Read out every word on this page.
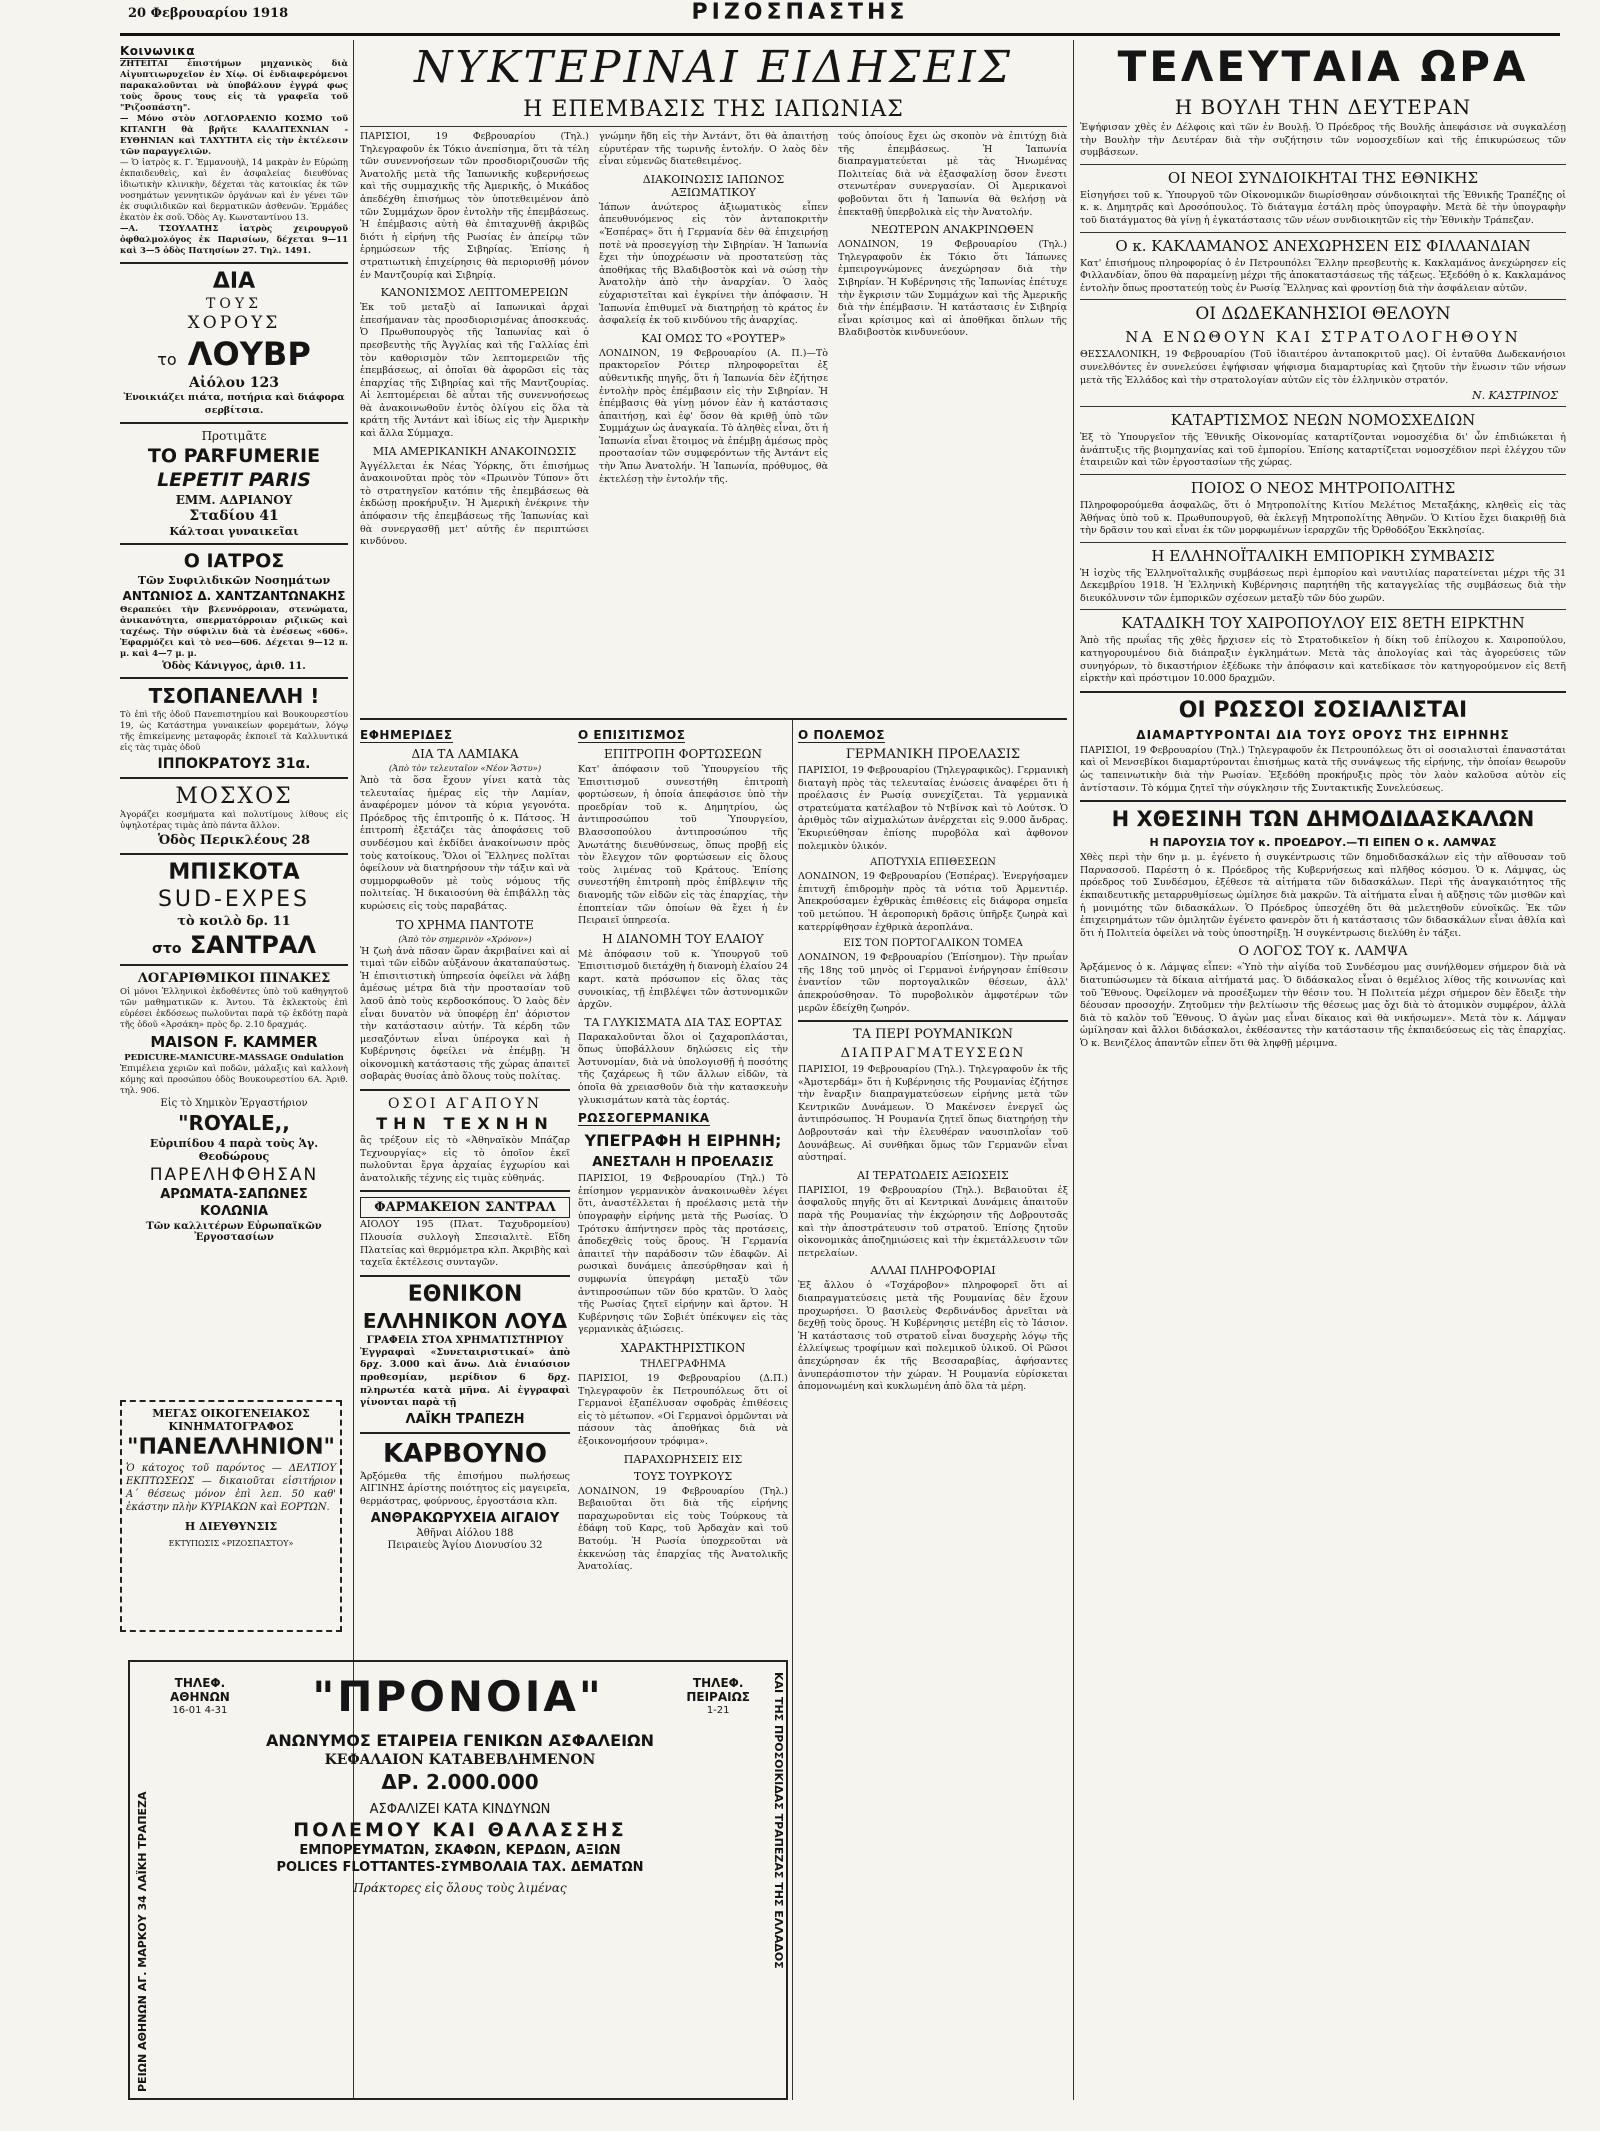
20 Φεβρουαρίου 1918	ΡΙΖΟΣΠΑΣΤΗΣ
Κοινωνικα

ΖΗΤΕΙΤΑΙ ἐπιστήμων μηχανικὸς διὰ Αἰγυπτιωρυχεῖον ἐν Χίῳ. Οἱ ἐνδιαφερόμενοι παρακαλοῦνται νὰ ὑποβάλουν ἐγγρά φως τοὺς ὅρους τους εἰς τὰ γραφεῖα τοῦ "Ριζοσπάστη".

— Μόνο στὸν ΛΟΓΛΟΡΑΕΝΙΟ ΚΟΣΜΟ τοῦ ΚΙΤΑΝΓΗ θὰ βρῆτε ΚΑΛΑΙΤΕΧΝΙΑΝ - ΕΥΘΗΝΙΑΝ καὶ ΤΑΧΥΤΗΤΑ εἰς τὴν ἐκτέλεσιν τῶν παραγγελιῶν.

— Ὁ ἰατρὸς κ. Γ. Ἐμμανουὴλ, 14 μακρὰν ἐν Εὐρώπῃ ἐκπαιδευθεὶς, καὶ ἐν ἀσφαλείας διευθύνας ἰδιωτικὴν κλινικὴν, δέχεται τὰς κατοικίας ἐκ τῶν νοσημάτων γεννητικῶν ὀργάνων καὶ ἐν γένει τῶν ἐκ συφιλιδικῶν καὶ δερματικῶν ἀσθενῶν. Ἐρμάδες ἑκατὸν ἐκ σοῦ. Ὁδὸς Αγ. Κωνσταντίνου 13.

—Α. ΤΣΟΥΛΑΤΗΣ ἰατρὸς χειρουργοῦ ὀφθαλμολόγος ἐκ Παρισίων, δέχεται 9—11 καὶ 3—5 ὁδὸς Πατησίων 27. Τηλ. 1491.

ΔΙΑ
ΤΟΥΣ
ΧΟΡΟΥΣ
το ΛΟΥΒΡ
Αἰόλου 123

Ἐνοικιάζει πιάτα, ποτήρια καὶ διάφορα σερβίτσια.

Προτιμᾶτε
ΤΟ PARFUMERIE
LEPETIT PARIS
ΕΜΜ. ΑΔΡΙΑΝΟΥ
Σταδίου 41
Κάλτσαι γυναικεῖαι
Ο ΙΑΤΡΟΣ
Τῶν Συφιλιδικῶν Νοσημάτων
ΑΝΤΩΝΙΟΣ Δ. ΧΑΝΤΖΑΝΤΩΝΑΚΗΣ

Θεραπεύει τὴν βλεννόρροιαν, στενώματα, ἀνικανότητα, σπερματόρροιαν ριζικῶς καὶ ταχέως. Τὴν σύφιλιν διὰ τὰ ἐνέσεως «606». Ἐφαρμόζει καὶ τὸ νεο—606. Δέχεται 9—12 π. μ. καὶ 4—7 μ. μ.

Ὁδὸς Κάνιγγος, ἀριθ. 11.
ΤΣΟΠΑΝΕΛΛΗ !

Τὸ ἐπὶ τῆς ὁδοῦ Πανεπιστημίου καὶ Βουκουρεστίου 19, ὡς Κατάστημα γυναικείων φορεμάτων, λόγῳ τῆς ἐπικείμενης μεταφορᾶς ἐκποιεῖ τὰ Καλλυντικά εἰς τὰς τιμὰς ὁδοῦ

ΙΠΠΟΚΡΑΤΟΥΣ 31α.
ΜΟΣΧΟΣ

Ἀγοράζει κοσμήματα καὶ πολυτίμους λίθους εἰς ὑψηλοτέρας τιμὰς ἀπὸ πάντα ἄλλον.

Ὁδὸς Περικλέους 28
ΜΠΙΣΚΟΤΑ
SUD-EXPES
τὸ κοιλὸ δρ. 11
στο ΣΑΝΤΡΑΛ
ΛΟΓΑΡΙΘΜΙΚΟΙ ΠΙΝΑΚΕΣ

Οἱ μόνοι Ἑλληνικοὶ ἐκδοθέντες ὑπὸ τοῦ καθηγητοῦ τῶν μαθηματικῶν κ. Ἀντου. Τὰ ἐκλεκτοὺς ἐπὶ εὐρέσει ἐκδόσεως πωλοῦνται παρὰ τῷ ἐκδότῃ παρὰ τῆς ὁδοῦ «Ἀρσάκη» πρὸς δρ. 2.10 δραχμάς.

MAISON F. KAMMER
PEDICURE-MANICURE-MASSAGE Ondulation

Ἐπιμέλεια χεριῶν καὶ ποδῶν, μάλαξις καὶ καλλονὴ κόμης καὶ προσώπου ὁδὸς Βουκουρεστίου 6Α. Ἀριθ. τηλ. 906.

Εἰς τὸ Χημικὸν Ἐργαστήριον
"ROYALE,,
Εὐριπίδου 4 παρὰ τοὺς Ἁγ. Θεοδώρους
ΠΑΡΕΛΗΦΘΗΣΑΝ
ΑΡΩΜΑΤΑ-ΣΑΠΩΝΕΣ
ΚΟΛΩΝΙΑ
Τῶν καλλιτέρων Εὐρωπαϊκῶν Ἐργοστασίων
ΜΕΓΑΣ ΟΙΚΟΓΕΝΕΙΑΚΟΣ ΚΙΝΗΜΑΤΟΓΡΑΦΟΣ
"ΠΑΝΕΛΛΗΝΙΟΝ"

Ὁ κάτοχος τοῦ παρόντος — ΔΕΛΤΙΟΥ ΕΚΠΤΩΣΕΩΣ — δικαιοῦται εἰσιτήριον Α΄ θέσεως μόνον ἐπὶ λεπ. 50 καθ' ἑκάστην πλὴν ΚΥΡΙΑΚΩΝ καὶ ΕΟΡΤΩΝ.

Η ΔΙΕΥΘΥΝΣΙΣ
ΕΚΤΥΠΩΣΙΣ «ΡΙΖΟΣΠΑΣΤΟΥ»
ΝΥΚΤΕΡΙΝΑΙ ΕΙΔΗΣΕΙΣ
Η ΕΠΕΜΒΑΣΙΣ ΤΗΣ ΙΑΠΩΝΙΑΣ

ΠΑΡΙΣΙΟΙ, 19 Φεβρουαρίου (Τηλ.) Τηλεγραφοῦν ἐκ Τόκιο ἀνεπίσημα, ὅτι τὰ τέλη τῶν συνεννοήσεων τῶν προσδιοριζουσῶν τῆς Ἀνατολῆς μετὰ τῆς Ἰαπωνικῆς κυβερνήσεως καὶ τῆς συμμαχικῆς τῆς Ἀμερικῆς, ὁ Μικάδος ἀπεδέχθη ἐπισήμως τὸν ὑποτεθειμένον ἀπὸ τῶν Συμμάχων ὅρον ἐντολὴν τῆς ἐπεμβάσεως. Ἡ ἐπέμβασις αὐτὴ θὰ ἐπιταχυνθῇ ἀκριβῶς διότι ἡ εἰρήνη τῆς Ρωσίας ἐν ἀπείρῳ τῶν ἐρημώσεων τῆς Σιβηρίας. Ἐπίσης ἡ στρατιωτικὴ ἐπιχείρησις θὰ περιορισθῇ μόνον ἐν Μαντζουρίᾳ καὶ Σιβηρίᾳ.

ΚΑΝΟΝΙΣΜΟΣ ΛΕΠΤΟΜΕΡΕΙΩΝ

Ἐκ τοῦ μεταξὺ αἱ Ιαπωνικαὶ ἀρχαὶ ἐπεσήμαναν τὰς προσδιορισμένας ἀποσκευάς. Ὁ Πρωθυπουργὸς τῆς Ἰαπωνίας καὶ ὁ πρεσβευτὴς τῆς Ἀγγλίας καὶ τῆς Γαλλίας ἐπὶ τὸν καθορισμὸν τῶν λεπτομερειῶν τῆς ἐπεμβάσεως, αἱ ὁποῖαι θὰ ἀφορῶσι εἰς τὰς ἐπαρχίας τῆς Σιβηρίας καὶ τῆς Μαντζουρίας. Αἱ λεπτομέρειαι δὲ αὗται τῆς συνεννοήσεως θὰ ἀνακοινωθοῦν ἐντὸς ὀλίγου εἰς ὅλα τὰ κράτη τῆς Ἀντάντ καὶ ἰδίως εἰς τὴν Ἀμερικὴν καὶ ἄλλα Σύμμαχα.

ΜΙΑ ΑΜΕΡΙΚΑΝΙΚΗ ΑΝΑΚΟΙΝΩΣΙΣ

Ἀγγέλλεται ἐκ Νέας Ὑόρκης, ὅτι ἐπισήμως ἀνακοινοῦται πρὸς τὸν «Πρωινὸν Τύπον» ὅτι τὸ στρατηγεῖον κατόπιν τῆς ἐπεμβάσεως θὰ ἐκδώσῃ προκήρυξιν. Ἡ Ἀμερικὴ ἐνέκρινε τὴν ἀπόφασιν τῆς ἐπεμβάσεως τῆς Ἰαπωνίας καὶ θὰ συνεργασθῇ μετ' αὐτῆς ἐν περιπτώσει κινδύνου.

γνώμην ἤδη εἰς τὴν Ἀντάντ, ὅτι θὰ ἀπαιτήσῃ εὐρυτέραν τῆς τωρινῆς ἐντολήν. Ο λαὸς δὲν εἶναι εὐμενῶς διατεθειμένος.

ΔΙΑΚΟΙΝΩΣΙΣ ΙΑΠΩΝΟΣ ΑΞΙΩΜΑΤΙΚΟΥ

Ἰάπων ἀνώτερος ἀξιωματικὸς εἶπεν ἀπευθυνόμενος εἰς τὸν ἀνταποκριτὴν «Ἑσπέρας» ὅτι ἡ Γερμανία δὲν θὰ ἐπιχειρήσῃ ποτὲ νὰ προσεγγίσῃ τὴν Σιβηρίαν. Ἡ Ἰαπωνία ἔχει τὴν ὑποχρέωσιν νὰ προστατεύσῃ τὰς ἀποθήκας τῆς Βλαδιβοστὸκ καὶ νὰ σώσῃ τὴν Ἀνατολὴν ἀπὸ τὴν ἀναρχίαν. Ὁ λαὸς εὐχαριστεῖται καὶ ἐγκρίνει τὴν ἀπόφασιν. Ἡ Ἰαπωνία ἐπιθυμεῖ νὰ διατηρήσῃ τὸ κράτος ἐν ἀσφαλείᾳ ἐκ τοῦ κινδύνου τῆς ἀναρχίας.

ΚΑΙ ΟΜΩΣ ΤΟ «ΡΟΥΤΕΡ»

ΛΟΝΔΙΝΟΝ, 19 Φεβρουαρίου (Α. Π.)—Τὸ πρακτορεῖον Ρόιτερ πληροφορεῖται ἐξ αὐθεντικῆς πηγῆς, ὅτι ἡ Ἰαπωνία δὲν ἐζήτησε ἐντολὴν πρὸς ἐπέμβασιν εἰς τὴν Σιβηρίαν. Ἡ ἐπέμβασις θὰ γίνῃ μόνον ἐὰν ἡ κατάστασις ἀπαιτήσῃ, καὶ ἐφ' ὅσον θὰ κριθῇ ὑπὸ τῶν Συμμάχων ὡς ἀναγκαία. Τὸ ἀληθὲς εἶναι, ὅτι ἡ Ἰαπωνία εἶναι ἕτοιμος νὰ ἐπέμβῃ ἀμέσως πρὸς προστασίαν τῶν συμφερόντων τῆς Ἀντάντ εἰς τὴν Ἄπω Ἀνατολήν. Ἡ Ἰαπωνία, πρόθυμος, θὰ ἐκτελέσῃ τὴν ἐντολήν τῆς.

τούς ὁποίους ἔχει ὡς σκοπὸν νὰ ἐπιτύχῃ διὰ τῆς ἐπεμβάσεως. Ἡ Ἰαπωνία διαπραγματεύεται μὲ τὰς Ἠνωμένας Πολιτείας διὰ νὰ ἐξασφαλίσῃ ὅσον ἔνεστι στενωτέραν συνεργασίαν. Οἱ Ἀμερικανοὶ φοβοῦνται ὅτι ἡ Ἰαπωνία θὰ θελήσῃ νὰ ἐπεκταθῇ ὑπερβολικὰ εἰς τὴν Ἀνατολήν.

ΝΕΩΤΕΡΩΝ ΑΝΑΚΡΙΝΩΘΕΝ

ΛΟΝΔΙΝΟΝ, 19 Φεβρουαρίου (Τηλ.) Τηλεγραφοῦν ἐκ Τόκιο ὅτι Ἰάπωνες ἐμπειρογνώμονες ἀνεχώρησαν διὰ τὴν Σιβηρίαν. Ἡ Κυβέρνησις τῆς Ἰαπωνίας ἐπέτυχε τὴν ἔγκρισιν τῶν Συμμάχων καὶ τῆς Ἀμερικῆς διὰ τὴν ἐπέμβασιν. Ἡ κατάστασις ἐν Σιβηρίᾳ εἶναι κρίσιμος καὶ αἱ ἀποθῆκαι ὅπλων τῆς Βλαδιβοστὸκ κινδυνεύουν.

ΕΦΗΜΕΡΙΔΕΣ
ΔΙΑ ΤΑ ΛΑΜΙΑΚΑ
(Ἀπὸ τὸν τελευταῖον «Νέον Ἄστυ»)

Ἀπὸ τὰ ὅσα ἔχουν γίνει κατὰ τὰς τελευταίας ἡμέρας εἰς τὴν Λαμίαν, ἀναφέρομεν μόνον τὰ κύρια γεγονότα. Πρόεδρος τῆς ἐπιτροπῆς ὁ κ. Πάτσος. Ἡ ἐπιτροπὴ ἐξετάζει τὰς ἀποφάσεις τοῦ συνδέσμου καὶ ἐκδίδει ἀνακοίνωσιν πρὸς τοὺς κατοίκους. Ὅλοι οἱ Ἕλληνες πολῖται ὀφείλουν νὰ διατηρήσουν τὴν τάξιν καὶ νὰ συμμορφωθοῦν μὲ τοὺς νόμους τῆς πολιτείας. Ἡ δικαιοσύνη θὰ ἐπιβάλλῃ τὰς κυρώσεις εἰς τοὺς παραβάτας.

ΤΟ ΧΡΗΜΑ ΠΑΝΤΟΤΕ
(Ἀπὸ τὸν σημερινὸν «Χρόνον»)

Ἡ ζωὴ ἀνὰ πᾶσαν ὥραν ἀκριβαίνει καὶ αἱ τιμαὶ τῶν εἰδῶν αὐξάνουν ἀκαταπαύστως. Ἡ ἐπισιτιστικὴ ὑπηρεσία ὀφείλει νὰ λάβῃ ἀμέσως μέτρα διὰ τὴν προστασίαν τοῦ λαοῦ ἀπὸ τοὺς κερδοσκόπους. Ὁ λαὸς δὲν εἶναι δυνατὸν νὰ ὑποφέρῃ ἐπ' ἀόριστον τὴν κατάστασιν αὐτήν. Τὰ κέρδη τῶν μεσαζόντων εἶναι ὑπέρογκα καὶ ἡ Κυβέρνησις ὀφείλει νὰ ἐπέμβῃ. Ἡ οἰκονομικὴ κατάστασις τῆς χώρας ἀπαιτεῖ σοβαρὰς θυσίας ἀπὸ ὅλους τοὺς πολίτας.

ΟΣΟΙ ΑΓΑΠΟΥΝ
ΤΗΝ ΤΕΧΝΗΝ

ἂς τρέξουν εἰς τὸ «Ἀθηναϊκὸν Μπάζαρ Τεχνουργίας» εἰς τὸ ὁποῖον ἐκεῖ πωλοῦνται ἔργα ἀρχαίας ἐγχωρίου καὶ ἀνατολικῆς τέχνης εἰς τιμὰς εὐθηνάς.

ΦΑΡΜΑΚΕΙΟΝ ΣΑΝΤΡΑΛ

ΑΙΟΛΟΥ 195 (Πλατ. Ταχυδρομείου) Πλουσία συλλογὴ Σπεσιαλιτὲ. Εἴδη Πλατείας καὶ θερμόμετρα κλπ. Ἀκριβὴς καὶ ταχεῖα ἐκτέλεσις συνταγῶν.

ΕΘΝΙΚΟΝ
ΕΛΛΗΝΙΚΟΝ ΛΟΥΔ
ΓΡΑΦΕΙΑ ΣΤΟΑ ΧΡΗΜΑΤΙΣΤΗΡΙΟΥ

Ἐγγραφαὶ «Συνεταιριστικαί» ἀπὸ δρχ. 3.000 καὶ ἄνω. Διὰ ἐνιαύσιον προθεσμίαν, μερίδιον 6 δρχ. πληρωτέα κατὰ μῆνα. Αἱ ἐγγραφαὶ γίνονται παρὰ τῇ

ΛΑΪΚΗ ΤΡΑΠΕΖΗ
ΚΑΡΒΟΥΝΟ

Ἀρξόμεθα τῆς ἐπισήμου πωλήσεως ΑΙΓΙΝΗΣ ἀρίστης ποιότητος εἰς μαγειρεῖα, θερμάστρας, φούρνους, ἐργοστάσια κλπ.

ΑΝΘΡΑΚΩΡΥΧΕΙΑ ΑΙΓΑΙΟΥ
Ἀθῆναι Αἰόλου 188
Πειραιεὺς Ἁγίου Διονυσίου 32
Ο ΕΠΙΣΙΤΙΣΜΟΣ
ΕΠΙΤΡΟΠΗ ΦΟΡΤΩΣΕΩΝ

Κατ' ἀπόφασιν τοῦ Ὑπουργείου τῆς Ἐπισιτισμοῦ συνεστήθη ἐπιτροπὴ φορτώσεων, ἡ ὁποία ἀπεφάσισε ὑπὸ τὴν προεδρίαν τοῦ κ. Δημητρίου, ὡς ἀντιπροσώπου τοῦ Ὑπουργείου, Βλασσοπούλου ἀντιπροσώπου τῆς Ἀνωτάτης διευθύνσεως, ὅπως προβῇ εἰς τὸν ἔλεγχον τῶν φορτώσεων εἰς ὅλους τοὺς λιμένας τοῦ Κράτους. Ἐπίσης συνεστήθη ἐπιτροπὴ πρὸς ἐπίβλεψιν τῆς διανομῆς τῶν εἰδῶν εἰς τὰς ἐπαρχίας, τὴν ἐποπτείαν τῶν ὁποίων θὰ ἔχει ἡ ἐν Πειραιεῖ ὑπηρεσία.

Η ΔΙΑΝΟΜΗ ΤΟΥ ΕΛΑΙΟΥ

Μὲ ἀπόφασιν τοῦ κ. Ὑπουργοῦ τοῦ Ἐπισιτισμοῦ διετάχθη ἡ διανομὴ ἐλαίου 24 καρτ. κατὰ πρόσωπον εἰς ὅλας τὰς συνοικίας, τῇ ἐπιβλέψει τῶν ἀστυνομικῶν ἀρχῶν.

ΤΑ ΓΛΥΚΙΣΜΑΤΑ ΔΙΑ ΤΑΣ ΕΟΡΤΑΣ

Παρακαλοῦνται ὅλοι οἱ ζαχαροπλάσται, ὅπως ὑποβάλλουν δηλώσεις εἰς τὴν Ἀστυνομίαν, διὰ νὰ ὑπολογισθῇ ἡ ποσότης τῆς ζαχάρεως ἢ τῶν ἄλλων εἰδῶν, τὰ ὁποῖα θὰ χρειασθοῦν διὰ τὴν κατασκευὴν γλυκισμάτων κατὰ τὰς ἑορτάς.

ΡΩΣΣΟΓΕΡΜΑΝΙΚΑ
ΥΠΕΓΡΑΦΗ Η ΕΙΡΗΝΗ;
ΑΝΕΣΤΑΛΗ Η ΠΡΟΕΛΑΣΙΣ

ΠΑΡΙΣΙΟΙ, 19 Φεβρουαρίου (Τηλ.) Τὸ ἐπίσημον γερμανικὸν ἀνακοινωθὲν λέγει ὅτι, ἀναστέλλεται ἡ προέλασις μετὰ τὴν ὑπογραφὴν εἰρήνης μετὰ τῆς Ρωσίας. Ὁ Τρότσκυ ἀπήντησεν πρὸς τὰς προτάσεις, ἀποδεχθεὶς τοὺς ὅρους. Ἡ Γερμανία ἀπαιτεῖ τὴν παράδοσιν τῶν ἐδαφῶν. Αἱ ρωσικαὶ δυνάμεις ἀπεσύρθησαν καὶ ἡ συμφωνία ὑπεγράφη μεταξὺ τῶν ἀντιπροσώπων τῶν δύο κρατῶν. Ὁ λαὸς τῆς Ρωσίας ζητεῖ εἰρήνην καὶ ἄρτον. Ἡ Κυβέρνησις τῶν Σοβιέτ ὑπέκυψεν εἰς τὰς γερμανικὰς ἀξιώσεις.

ΧΑΡΑΚΤΗΡΙΣΤΙΚΟΝ
ΤΗΛΕΓΡΑΦΗΜΑ

ΠΑΡΙΣΙΟΙ, 19 Φεβρουαρίου (Δ.Π.) Τηλεγραφοῦν ἐκ Πετρουπόλεως ὅτι οἱ Γερμανοὶ ἐξαπέλυσαν σφοδρὰς ἐπιθέσεις εἰς τὸ μέτωπον. «Οἱ Γερμανοὶ ὁρμῶνται νὰ πάσουν τὰς ἀποθήκας διὰ νὰ ἐξοικονομήσουν τρόφιμα».

ΠΑΡΑΧΩΡΗΣΕΙΣ ΕΙΣ
ΤΟΥΣ ΤΟΥΡΚΟΥΣ

ΛΟΝΔΙΝΟΝ, 19 Φεβρουαρίου (Τηλ.) Βεβαιοῦται ὅτι διὰ τῆς εἰρήνης παραχωροῦνται εἰς τοὺς Τούρκους τὰ ἐδάφη τοῦ Καρς, τοῦ Ἀρδαχὰν καὶ τοῦ Βατούμ. Ἡ Ρωσία ὑποχρεοῦται νὰ ἐκκενώσῃ τὰς ἐπαρχίας τῆς Ἀνατολικῆς Ἀνατολίας.

Ο ΠΟΛΕΜΟΣ
ΓΕΡΜΑΝΙΚΗ ΠΡΟΕΛΑΣΙΣ

ΠΑΡΙΣΙΟΙ, 19 Φεβρουαρίου (Τηλεγραφικῶς). Γερμανικὴ διαταγὴ πρὸς τὰς τελευταίας ἑνώσεις ἀναφέρει ὅτι ἡ προέλασις ἐν Ρωσίᾳ συνεχίζεται. Τὰ γερμανικὰ στρατεύματα κατέλαβον τὸ Ντβίνσκ καὶ τὸ Λούτσκ. Ὁ ἀριθμὸς τῶν αἰχμαλώτων ἀνέρχεται εἰς 9.000 ἄνδρας. Ἐκυριεύθησαν ἐπίσης πυροβόλα καὶ ἀφθονον πολεμικὸν ὑλικόν.

ΑΠΟΤΥΧΙΑ ΕΠΙΘΕΣΕΩΝ

ΛΟΝΔΙΝΟΝ, 19 Φεβρουαρίου (Ἑσπέρας). Ἐνεργήσαμεν ἐπιτυχῆ ἐπιδρομὴν πρὸς τὰ νότια τοῦ Ἀρμεντιέρ. Ἀπεκρούσαμεν ἐχθρικὰς ἐπιθέσεις εἰς διάφορα σημεῖα τοῦ μετώπου. Ἡ ἀεροπορικὴ δρᾶσις ὑπῆρξε ζωηρὰ καὶ κατερρίφθησαν ἐχθρικὰ ἀεροπλάνα.

ΕΙΣ ΤΟΝ ΠΟΡΤΟΓΑΛΙΚΟΝ ΤΟΜΕΑ

ΛΟΝΔΙΝΟΝ, 19 Φεβρουαρίου (Ἐπίσημον). Τὴν πρωΐαν τῆς 18ης τοῦ μηνὸς οἱ Γερμανοὶ ἐνήργησαν ἐπίθεσιν ἐναντίον τῶν πορτογαλικῶν θέσεων, ἀλλ' ἀπεκρούσθησαν. Τὸ πυροβολικὸν ἀμφοτέρων τῶν μερῶν ἐδείχθη ζωηρόν.

ΤΑ ΠΕΡΙ ΡΟΥΜΑΝΙΚΩΝ
ΔΙΑΠΡΑΓΜΑΤΕΥΣΕΩΝ

ΠΑΡΙΣΙΟΙ, 19 Φεβρουαρίου (Τηλ.). Τηλεγραφοῦν ἐκ τῆς «Ἀμστερδάμ» ὅτι ἡ Κυβέρνησις τῆς Ρουμανίας ἐζήτησε τὴν ἔναρξιν διαπραγματεύσεων εἰρήνης μετὰ τῶν Κεντρικῶν Δυνάμεων. Ὁ Μακένσεν ἐνεργεῖ ὡς ἀντιπρόσωπος. Ἡ Ρουμανία ζητεῖ ὅπως διατηρήσῃ τὴν Δοβρουτσάν καὶ τὴν ἐλευθέραν ναυσιπλοΐαν τοῦ Δουνάβεως. Αἱ συνθῆκαι ὅμως τῶν Γερμανῶν εἶναι αὐστηραί.

ΑΙ ΤΕΡΑΤΩΔΕΙΣ ΑΞΙΩΣΕΙΣ

ΠΑΡΙΣΙΟΙ, 19 Φεβρουαρίου (Τηλ.). Βεβαιοῦται ἐξ ἀσφαλοῦς πηγῆς ὅτι αἱ Κεντρικαὶ Δυνάμεις ἀπαιτοῦν παρὰ τῆς Ρουμανίας τὴν ἐκχώρησιν τῆς Δοβρουτσᾶς καὶ τὴν ἀποστράτευσιν τοῦ στρατοῦ. Ἐπίσης ζητοῦν οἰκονομικὰς ἀποζημιώσεις καὶ τὴν ἐκμετάλλευσιν τῶν πετρελαίων.

ΑΛΛΑΙ ΠΛΗΡΟΦΟΡΙΑΙ

Ἐξ ἄλλου ὁ «Τσχάροβον» πληροφορεῖ ὅτι αἱ διαπραγματεύσεις μετὰ τῆς Ρουμανίας δὲν ἔχουν προχωρήσει. Ὁ βασιλεὺς Φερδινάνδος ἀρνεῖται νὰ δεχθῇ τοὺς ὅρους. Ἡ Κυβέρνησις μετέβη εἰς τὸ Ἰάσιον. Ἡ κατάστασις τοῦ στρατοῦ εἶναι δυσχερὴς λόγῳ τῆς ἐλλείψεως τροφίμων καὶ πολεμικοῦ ὑλικοῦ. Οἱ Ρῶσοι ἀπεχώρησαν ἐκ τῆς Βεσσαραβίας, ἀφήσαντες ἀνυπεράσπιστον τὴν χώραν. Ἡ Ρουμανία εὑρίσκεται ἀπομονωμένη καὶ κυκλωμένη ἀπὸ ὅλα τὰ μέρη.

ΤΕΛΕΥΤΑΙΑ ΩΡΑ
Η ΒΟΥΛΗ ΤΗΝ ΔΕΥΤΕΡΑΝ

Ἐψήφισαν χθὲς ἐν Δέλφοις καὶ τῶν ἐν Βουλῇ. Ὁ Πρόεδρος τῆς Βουλῆς ἀπεφάσισε νὰ συγκαλέσῃ τὴν Βουλὴν τὴν Δευτέραν διὰ τὴν συζήτησιν τῶν νομοσχεδίων καὶ τῆς ἐπικυρώσεως τῶν συμβάσεων.

ΟΙ ΝΕΟΙ ΣΥΝΔΙΟΙΚΗΤΑΙ ΤΗΣ ΕΘΝΙΚΗΣ

Εἰσηγήσει τοῦ κ. Ὑπουργοῦ τῶν Οἰκονομικῶν διωρίσθησαν σύνδιοικηταὶ τῆς Ἐθνικῆς Τραπέζης οἱ κ. κ. Δημητρᾶς καὶ Δροσόπουλος. Τὸ διάταγμα ἐστάλη πρὸς ὑπογραφὴν. Μετὰ δὲ τὴν ὑπογραφὴν τοῦ διατάγματος θὰ γίνῃ ἡ ἐγκατάστασις τῶν νέων συνδιοικητῶν εἰς τὴν Ἐθνικὴν Τράπεζαν.

Ο κ. ΚΑΚΛΑΜΑΝΟΣ ΑΝΕΧΩΡΗΣΕΝ ΕΙΣ ΦΙΛΛΑΝΔΙΑΝ

Κατ' ἐπισήμους πληροφορίας ὁ ἐν Πετρουπόλει Ἕλλην πρεσβευτὴς κ. Κακλαμάνος ἀνεχώρησεν εἰς Φιλλανδίαν, ὅπου θὰ παραμείνῃ μέχρι τῆς ἀποκαταστάσεως τῆς τάξεως. Ἐξεδόθη ὁ κ. Κακλαμάνος ἐντολὴν ὅπως προστατεύῃ τοὺς ἐν Ρωσίᾳ Ἕλληνας καὶ φροντίσῃ διὰ τὴν ἀσφάλειαν αὐτῶν.

ΟΙ ΔΩΔΕΚΑΝΗΣΙΟΙ ΘΕΛΟΥΝ
ΝΑ ΕΝΩΘΟΥΝ ΚΑΙ ΣΤΡΑΤΟΛΟΓΗΘΟΥΝ

ΘΕΣΣΑΛΟΝΙΚΗ, 19 Φεβρουαρίου (Τοῦ ἰδιαιτέρου ἀνταποκριτοῦ μας). Οἱ ἐνταῦθα Δωδεκανήσιοι συνελθόντες ἐν συνελεύσει ἐψήφισαν ψήφισμα διαμαρτυρίας καὶ ζητοῦν τὴν ἕνωσιν τῶν νήσων μετὰ τῆς Ἑλλάδος καὶ τὴν στρατολογίαν αὐτῶν εἰς τὸν ἑλληνικὸν στρατόν.

Ν. ΚΑΣΤΡΙΝΟΣ
ΚΑΤΑΡΤΙΣΜΟΣ ΝΕΩΝ ΝΟΜΟΣΧΕΔΙΩΝ

Ἐξ τὸ Ὑπουργεῖον τῆς Ἐθνικῆς Οἰκονομίας καταρτίζονται νομοσχέδια δι' ὧν ἐπιδιώκεται ἡ ἀνάπτυξις τῆς βιομηχανίας καὶ τοῦ ἐμπορίου. Ἐπίσης καταρτίζεται νομοσχέδιον περὶ ἐλέγχου τῶν ἐταιρειῶν καὶ τῶν ἐργοστασίων τῆς χώρας.

ΠΟΙΟΣ Ο ΝΕΟΣ ΜΗΤΡΟΠΟΛΙΤΗΣ

Πληροφορούμεθα ἀσφαλῶς, ὅτι ὁ Μητροπολίτης Κιτίου Μελέτιος Μεταξάκης, κληθεὶς εἰς τὰς Ἀθήνας ὑπὸ τοῦ κ. Πρωθυπουργοῦ, θὰ ἐκλεγῇ Μητροπολίτης Ἀθηνῶν. Ὁ Κιτίου ἔχει διακριθῇ διὰ τὴν δρᾶσιν του καὶ εἶναι ἐκ τῶν μορφωμένων ἱεραρχῶν τῆς Ὀρθοδόξου Ἐκκλησίας.

Η ΕΛΛΗΝΟΪΤΑΛΙΚΗ ΕΜΠΟΡΙΚΗ ΣΥΜΒΑΣΙΣ

Ἡ ἰσχὺς τῆς Ἑλληνοϊταλικῆς συμβάσεως περὶ ἐμπορίου καὶ ναυτιλίας παρατείνεται μέχρι τῆς 31 Δεκεμβρίου 1918. Ἡ Ἑλληνικὴ Κυβέρνησις παρητήθη τῆς καταγγελίας τῆς συμβάσεως διὰ τὴν διευκόλυνσιν τῶν ἐμπορικῶν σχέσεων μεταξὺ τῶν δύο χωρῶν.

ΚΑΤΑΔΙΚΗ ΤΟΥ ΧΑΙΡΟΠΟΥΛΟΥ ΕΙΣ 8ΕΤΗ ΕΙΡΚΤΗΝ

Ἀπὸ τῆς πρωΐας τῆς χθὲς ἤρχισεν εἰς τὸ Στρατοδικεῖον ἡ δίκη τοῦ ἐπίλοχου κ. Χαιροπούλου, κατηγορουμένου διὰ διάπραξιν ἐγκλημάτων. Μετὰ τὰς ἀπολογίας καὶ τὰς ἀγορεύσεις τῶν συνηγόρων, τὸ δικαστήριον ἐξέδωκε τὴν ἀπόφασιν καὶ κατεδίκασε τὸν κατηγορούμενον εἰς 8ετῆ εἱρκτὴν καὶ πρόστιμον 10.000 δραχμῶν.

ΟΙ ΡΩΣΣΟΙ ΣΟΣΙΑΛΙΣΤΑΙ
ΔΙΑΜΑΡΤΥΡΟΝΤΑΙ ΔΙΑ ΤΟΥΣ ΟΡΟΥΣ ΤΗΣ ΕΙΡΗΝΗΣ

ΠΑΡΙΣΙΟΙ, 19 Φεβρουαρίου (Τηλ.) Τηλεγραφοῦν ἐκ Πετρουπόλεως ὅτι οἱ σοσιαλισταὶ ἐπαναστάται καὶ οἱ Μενσεβίκοι διαμαρτύρονται ἐπισήμως κατὰ τῆς συνάψεως τῆς εἰρήνης, τὴν ὁποίαν θεωροῦν ὡς ταπεινωτικὴν διὰ τὴν Ρωσίαν. Ἐξεδόθη προκήρυξις πρὸς τὸν λαὸν καλοῦσα αὐτὸν εἰς ἀντίστασιν. Τὸ κόμμα ζητεῖ τὴν σύγκλησιν τῆς Συντακτικῆς Συνελεύσεως.

Η ΧΘΕΣΙΝΗ ΤΩΝ ΔΗΜΟΔΙΔΑΣΚΑΛΩΝ
Η ΠΑΡΟΥΣΙΑ ΤΟΥ κ. ΠΡΟΕΔΡΟΥ.—ΤΙ ΕΙΠΕΝ Ο κ. ΛΑΜΨΑΣ

Χθὲς περὶ τὴν 6ην μ. μ. ἐγένετο ἡ συγκέντρωσις τῶν δημοδιδασκάλων εἰς τὴν αἴθουσαν τοῦ Παρνασσοῦ. Παρέστη ὁ κ. Πρόεδρος τῆς Κυβερνήσεως καὶ πλῆθος κόσμου. Ὁ κ. Λάμψας, ὡς πρόεδρος τοῦ Συνδέσμου, ἐξέθεσε τὰ αἰτήματα τῶν διδασκάλων. Περὶ τῆς ἀναγκαιότητος τῆς ἐκπαιδευτικῆς μεταρρυθμίσεως ὡμίλησε διὰ μακρῶν. Τὰ αἰτήματα εἶναι ἡ αὔξησις τῶν μισθῶν καὶ ἡ μονιμότης τῶν διδασκάλων. Ὁ Πρόεδρος ὑπεσχέθη ὅτι θὰ μελετηθοῦν εὐνοϊκῶς. Ἐκ τῶν ἐπιχειρημάτων τῶν ὁμιλητῶν ἐγένετο φανερὸν ὅτι ἡ κατάστασις τῶν διδασκάλων εἶναι ἀθλία καὶ ὅτι ἡ Πολιτεία ὀφείλει νὰ τοὺς ὑποστηρίξῃ. Ἡ συγκέντρωσις διελύθη ἐν τάξει.

Ο ΛΟΓΟΣ ΤΟΥ κ. ΛΑΜΨΑ

Ἀρξάμενος ὁ κ. Λάμψας εἶπεν: «Ὑπὸ τὴν αἰγίδα τοῦ Συνδέσμου μας συνήλθομεν σήμερον διὰ νὰ διατυπώσωμεν τὰ δίκαια αἰτήματά μας. Ὁ διδάσκαλος εἶναι ὁ θεμέλιος λίθος τῆς κοινωνίας καὶ τοῦ Ἔθνους. Ὀφείλομεν νὰ προσέξωμεν τὴν θέσιν του. Ἡ Πολιτεία μέχρι σήμερον δὲν ἔδειξε τὴν δέουσαν προσοχήν. Ζητοῦμεν τὴν βελτίωσιν τῆς θέσεως μας ὄχι διὰ τὸ ἀτομικὸν συμφέρον, ἀλλὰ διὰ τὸ καλὸν τοῦ Ἔθνους. Ὁ ἀγὼν μας εἶναι δίκαιος καὶ θὰ νικήσωμεν». Μετὰ τὸν κ. Λάμψαν ὡμίλησαν καὶ ἄλλοι διδάσκαλοι, ἐκθέσαντες τὴν κατάστασιν τῆς ἐκπαιδεύσεως εἰς τὰς ἐπαρχίας. Ὁ κ. Βενιζέλος ἀπαντῶν εἶπεν ὅτι θὰ ληφθῇ μέριμνα.

ΡΕΙΩΝ ΑΘΗΝΩΝ ΑΓ. ΜΑΡΚΟΥ 34 ΛΑΪΚΗ ΤΡΑΠΕΖΑ	ΚΑΙ ΤΗΣ ΠΡΟΣΟΙΚΙΔΑΣ ΤΡΑΠΕΖΑΣ ΤΗΣ ΕΛΛΑΔΟΣ
ΤΗΛΕΦ.
ΑΘΗΝΩΝ
16-01 4-31 "ΠΡΟΝΟΙΑ"	ΤΗΛΕΦ.
ΠΕΙΡΑΙΩΣ
1-21
ΑΝΩΝΥΜΟΣ ΕΤΑΙΡΕΙΑ ΓΕΝΙΚΩΝ ΑΣΦΑΛΕΙΩΝ
ΚΕΦΑΛΑΙΟΝ ΚΑΤΑΒΕΒΛΗΜΕΝΟΝ
ΔΡ. 2.000.000
ΑΣΦΑΛΙΖΕΙ ΚΑΤΑ ΚΙΝΔΥΝΩΝ
ΠΟΛΕΜΟΥ ΚΑΙ ΘΑΛΑΣΣΗΣ
ΕΜΠΟΡΕΥΜΑΤΩΝ, ΣΚΑΦΩΝ, ΚΕΡΔΩΝ, ΑΞΙΩΝ
POLICES FLOTTANTES-ΣΥΜΒΟΛΑΙΑ ΤΑΧ. ΔΕΜΑΤΩΝ
Πράκτορες εἰς ὅλους τοὺς λιμένας
